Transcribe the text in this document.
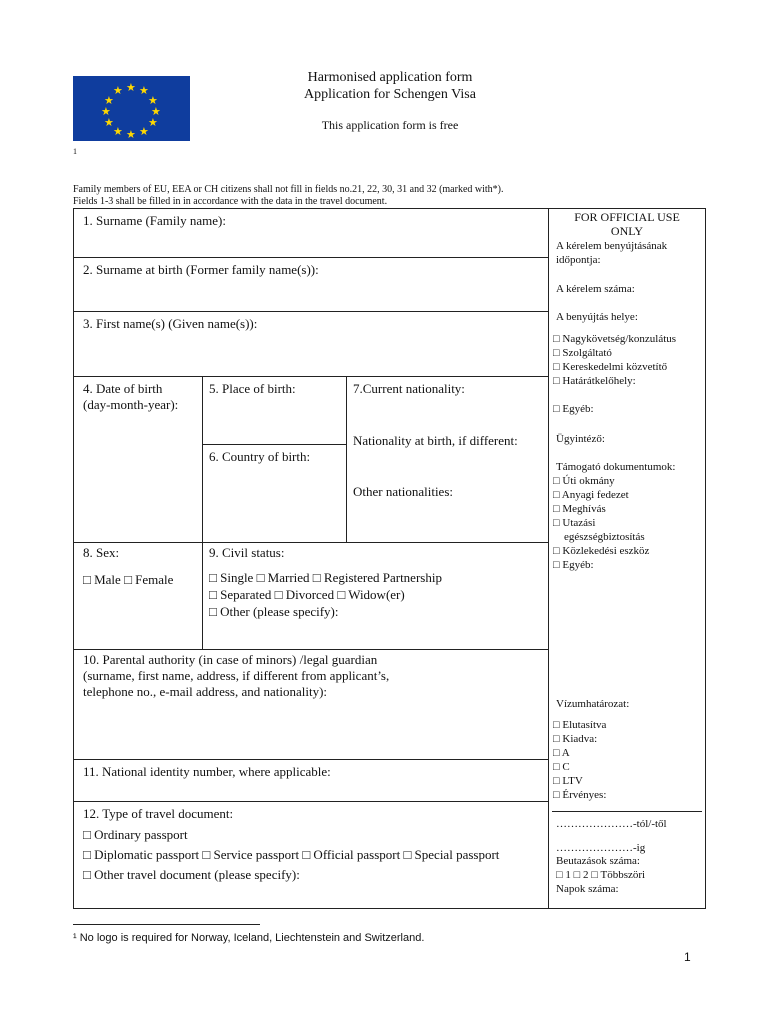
★ ★
★
★
★
★
★
★
★
★
★
★
Harmonised application form
Application for Schengen Visa
This application form is free
1
Family members of EU, EEA or CH citizens shall not fill in fields no.21, 22, 30, 31 and 32 (marked with*).
Fields 1-3 shall be filled in in accordance with the data in the travel document.
1. Surname (Family name):
2. Surname at birth (Former family name(s)):
3. First name(s) (Given name(s)):
4. Date of birth
(day-month-year):
5. Place of birth:
6. Country of birth:
7.Current nationality:
Nationality at birth, if different:
Other nationalities:
8. Sex:
□ Male □ Female
9. Civil status:
□ Single □ Married □ Registered Partnership
□ Separated □ Divorced □ Widow(er)
□ Other (please specify):
10. Parental authority (in case of minors) /legal guardian
(surname, first name, address, if different from applicant’s,
telephone no., e-mail address, and nationality):
11. National identity number, where applicable:
12. Type of travel document:
□ Ordinary passport
□ Diplomatic passport □ Service passport □ Official passport □ Special passport
□ Other travel document (please specify):
FOR OFFICIAL USE
ONLY
A kérelem benyújtásának
időpontja:
A kérelem száma:
A benyújtás helye:
□ Nagykövetség/konzulátus
□ Szolgáltató
□ Kereskedelmi közvetítő
□ Határátkelőhely:
□ Egyéb:
Ügyintéző:
Támogató dokumentumok:
□ Úti okmány
□ Anyagi fedezet
□ Meghívás
□ Utazási
egészségbiztosítás
□ Közlekedési eszköz
□ Egyéb:
Vízumhatározat:
□ Elutasítva
□ Kiadva:
□ A
□ C
□ LTV
□ Érvényes:
…………………-tól/-től
…………………-ig
Beutazások száma:
□ 1 □ 2 □ Többszöri
Napok száma:
¹ No logo is required for Norway, Iceland, Liechtenstein and Switzerland.
1
